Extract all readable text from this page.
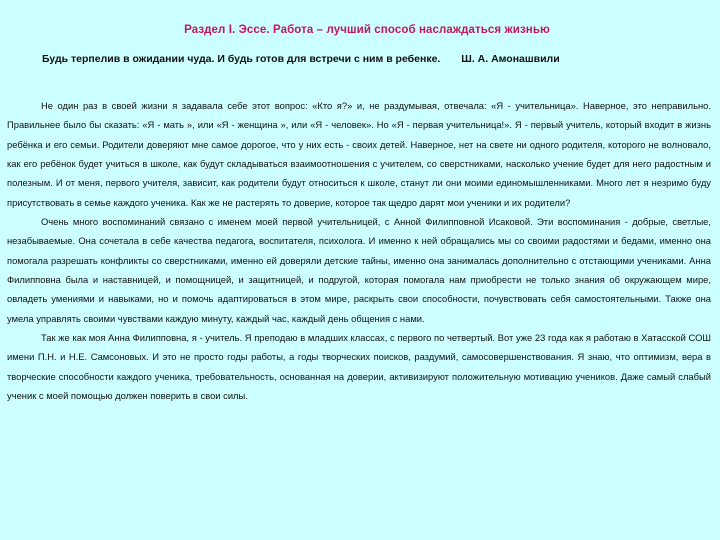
Раздел I. Эссе. Работа – лучший способ наслаждаться жизнью
Будь терпелив в ожидании чуда. И будь готов для встречи с ним в ребенке. Ш. А. Амонашвили

Не один раз в своей жизни я задавала себе этот вопрос: «Кто я?» и, не раздумывая, отвечала: «Я - учительница». Наверное, это неправильно. Правильнее было бы сказать: «Я - мать », или «Я - женщина », или «Я - человек». Но «Я - первая учительница!». Я - первый учитель, который входит в жизнь ребёнка и его семьи. Родители доверяют мне самое дорогое, что у них есть - своих детей. Наверное, нет на свете ни одного родителя, которого не волновало, как его ребёнок будет учиться в школе, как будут складываться взаимоотношения с учителем, со сверстниками, насколько учение будет для него радостным и полезным. И от меня, первого учителя, зависит, как родители будут относиться к школе, станут ли они моими единомышленниками. Много лет я незримо буду присутствовать в семье каждого ученика. Как же не растерять то доверие, которое так щедро дарят мои ученики и их родители?

Очень много воспоминаний связано с именем моей первой учительницей, с Анной Филипповной Исаковой. Эти воспоминания - добрые, светлые, незабываемые. Она сочетала в себе качества педагога, воспитателя, психолога. И именно к ней обращались мы со своими радостями и бедами, именно она помогала разрешать конфликты со сверстниками, именно ей доверяли детские тайны, именно она занималась дополнительно с отстающими учениками. Анна Филипповна была и наставницей, и помощницей, и защитницей, и подругой, которая помогала нам приобрести не только знания об окружающем мире, овладеть умениями и навыками, но и помочь адаптироваться в этом мире, раскрыть свои способности, почувствовать себя самостоятельными. Также она умела управлять своими чувствами каждую минуту, каждый час, каждый день общения с нами.

Так же как моя Анна Филипповна, я - учитель. Я преподаю в младших классах, с первого по четвертый. Вот уже 23 года как я работаю в Хатасской СОШ имени П.Н. и Н.Е. Самсоновых. И это не просто годы работы, а годы творческих поисков, раздумий, самосовершенствования. Я знаю, что оптимизм, вера в творческие способности каждого ученика, требовательность, основанная на доверии, активизируют положительную мотивацию учеников. Даже самый слабый ученик с моей помощью должен поверить в свои силы.
